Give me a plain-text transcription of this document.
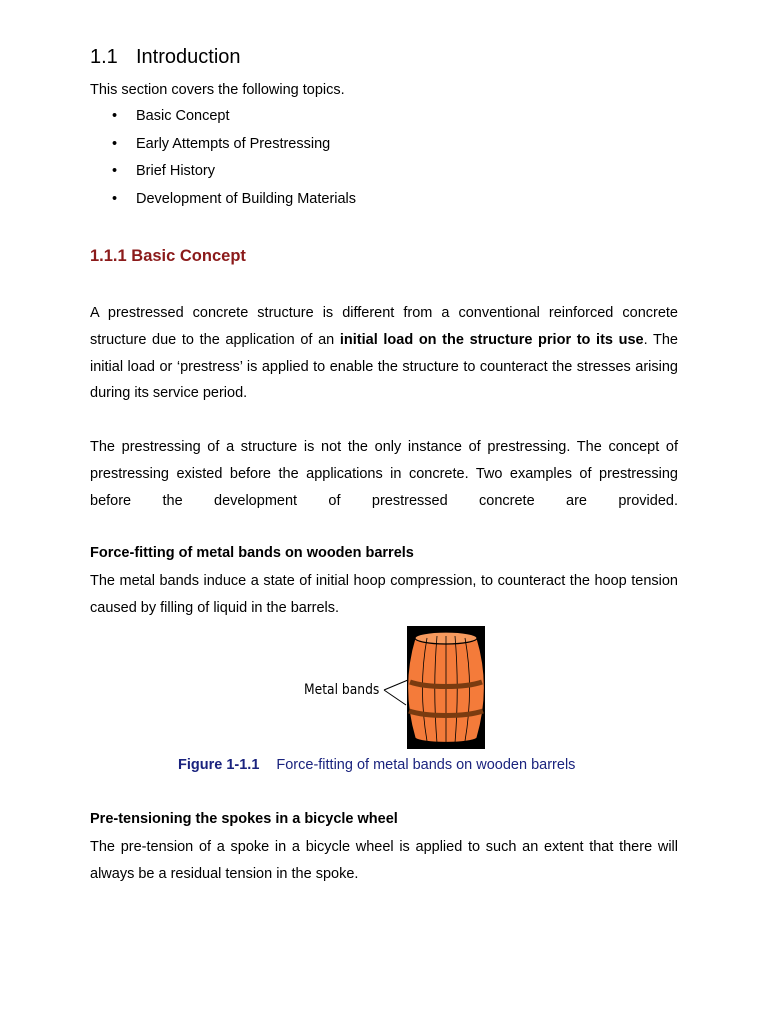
1.1 Introduction

This section covers the following topics.

• Basic Concept
• Early Attempts of Prestressing
• Brief History
• Development of Building Materials
1.1.1 Basic Concept

A prestressed concrete structure is different from a conventional reinforced concrete structure due to the application of an initial load on the structure prior to its use. The initial load or ‘prestress’ is applied to enable the structure to counteract the stresses arising during its service period.

The prestressing of a structure is not the only instance of prestressing. The concept of prestressing existed before the applications in concrete. Two examples of prestressing before the development of prestressed concrete are provided.

Force-fitting of metal bands on wooden barrels

The metal bands induce a state of initial hoop compression, to counteract the hoop tension caused by filling of liquid in the barrels.

Metal bands
Figure 1-1.1 Force-fitting of metal bands on wooden barrels

Pre-tensioning the spokes in a bicycle wheel

The pre-tension of a spoke in a bicycle wheel is applied to such an extent that there will always be a residual tension in the spoke.
